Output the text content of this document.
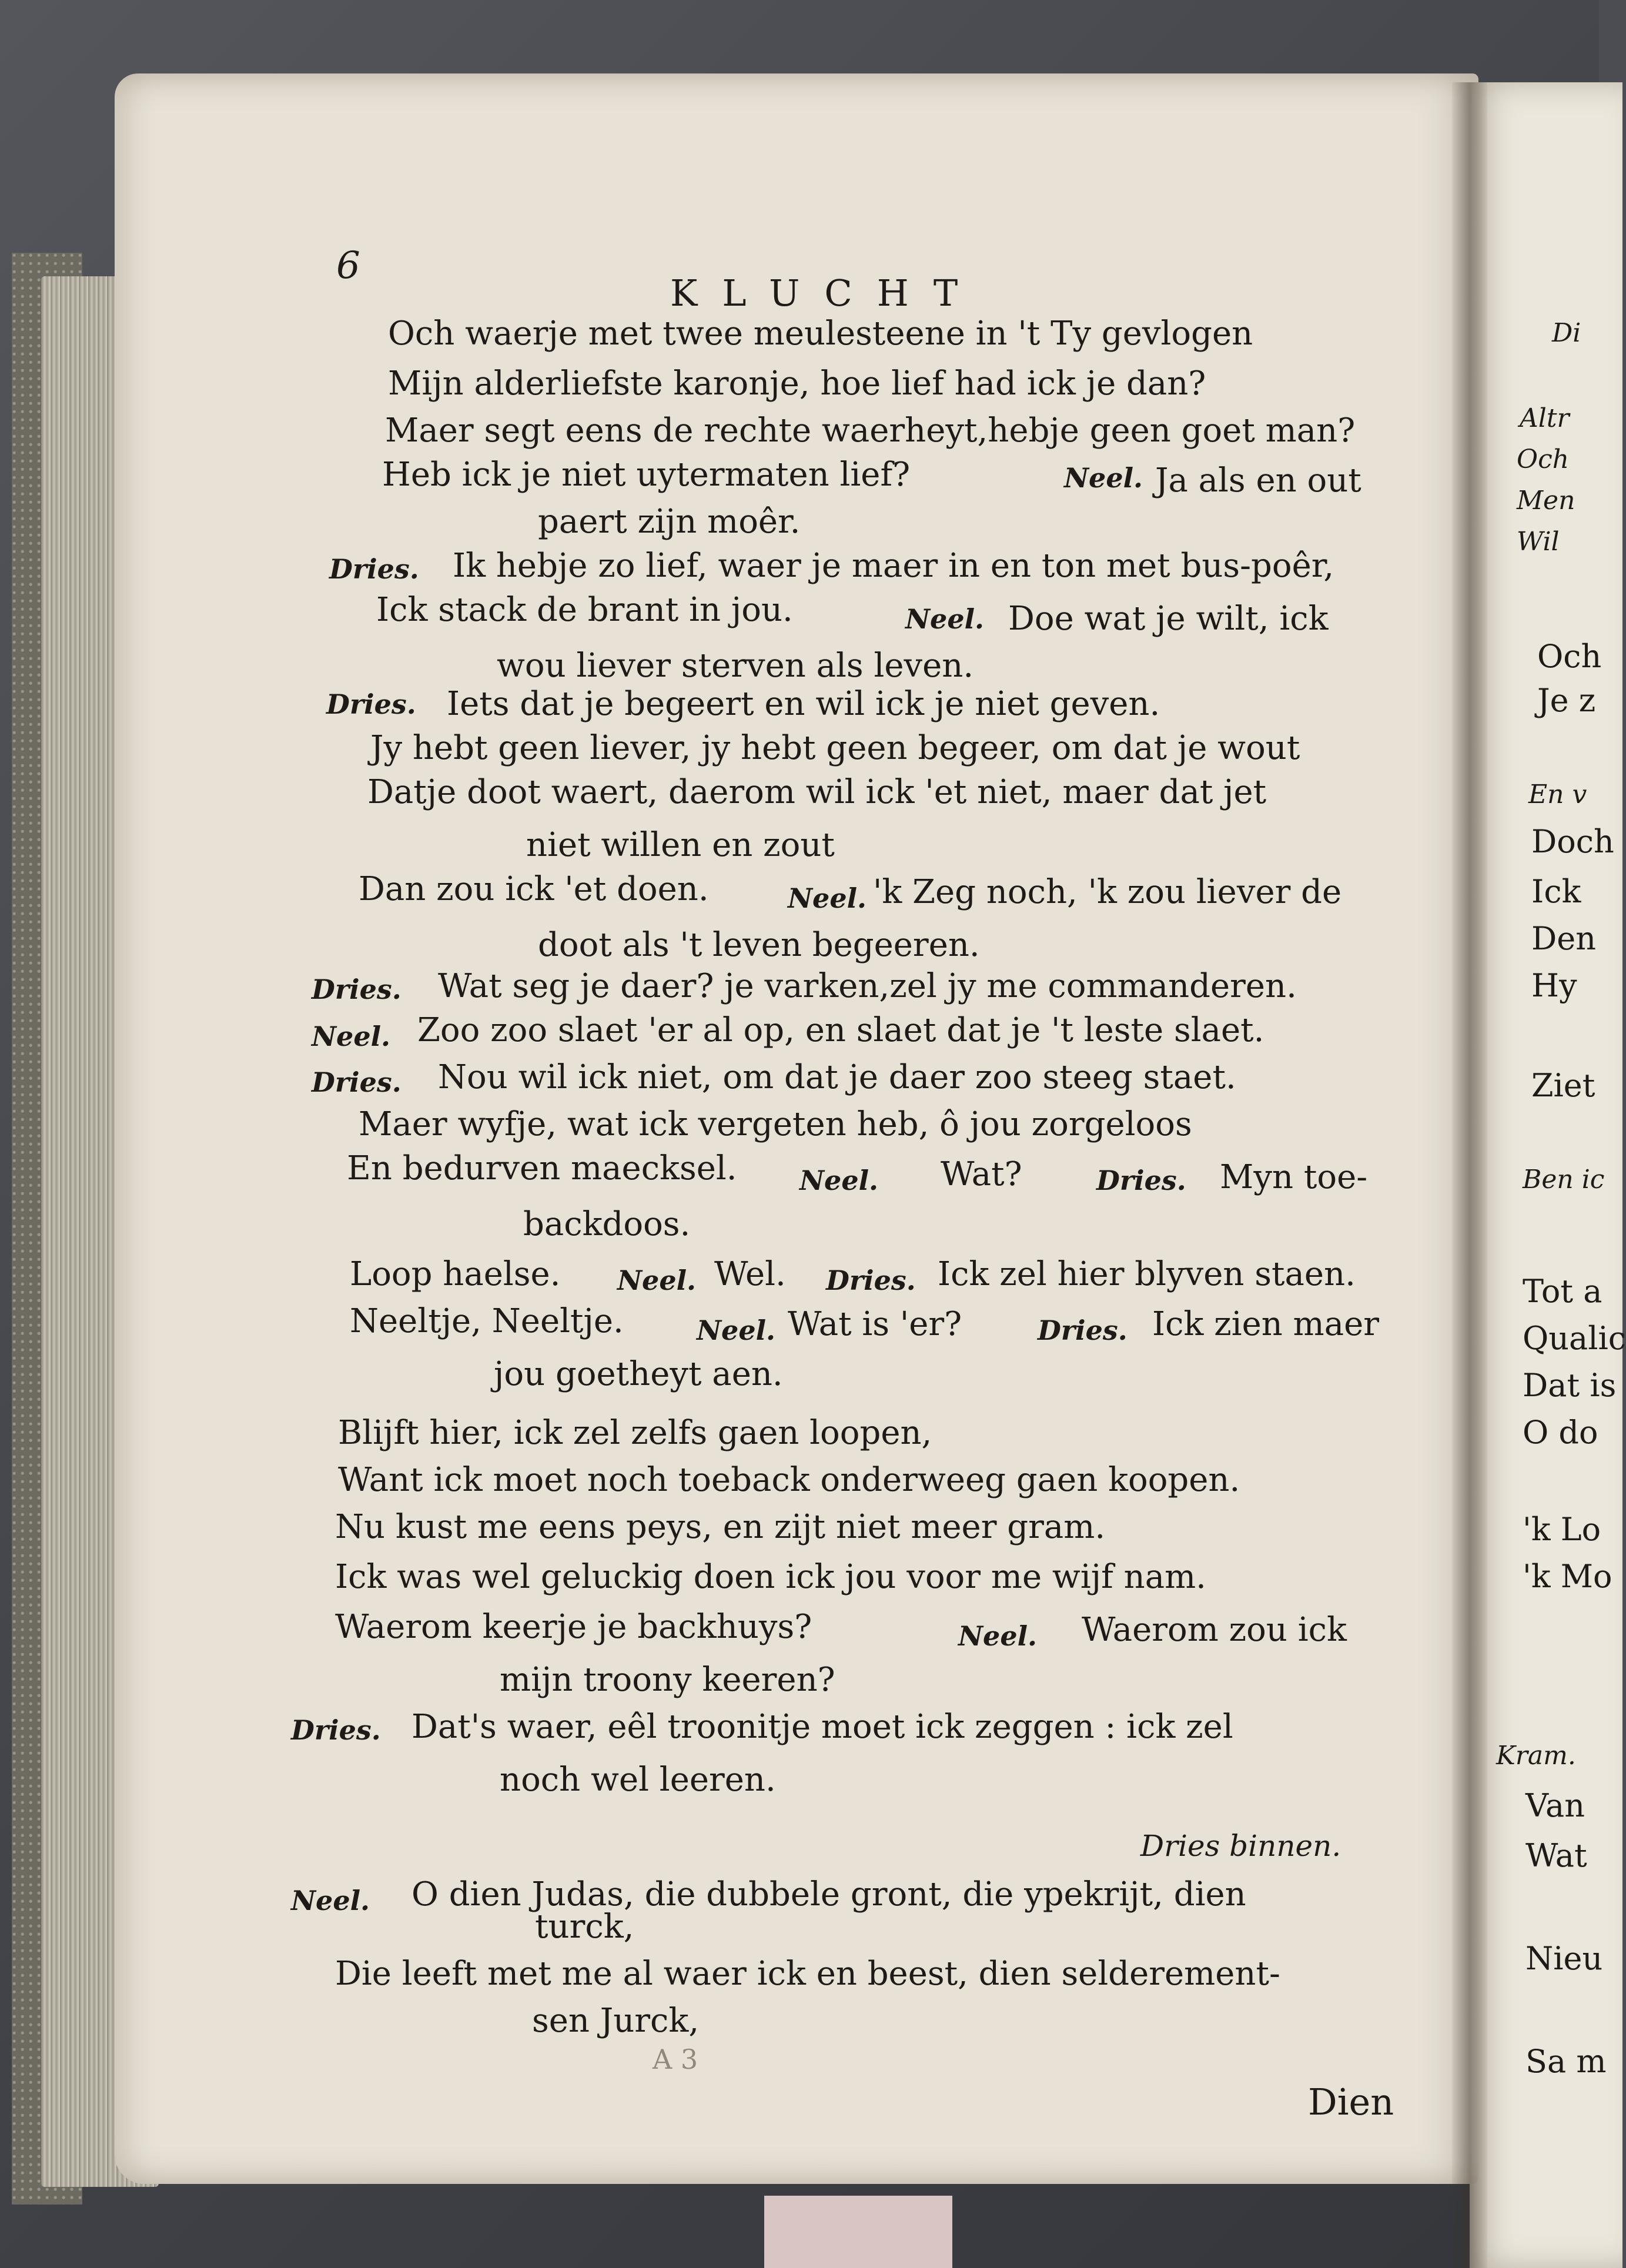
6
KLUCHT
Och waerje met twee meulesteene in 't Ty gevlogen
Mijn alderliefste karonje, hoe lief had ick je dan?
Maer segt eens de rechte waerheyt,hebje geen goet man?
Heb ick je niet uytermaten lief?	Neel. Ja als en out
paert zijn moêr.
Dries. Ik hebje zo lief, waer je maer in en ton met bus-poêr,
Ick stack de brant in jou.	Neel. Doe wat je wilt, ick
wou liever sterven als leven.
Dries. Iets dat je begeert en wil ick je niet geven.
Jy hebt geen liever, jy hebt geen begeer, om dat je wout
Datje doot waert, daerom wil ick 'et niet, maer dat jet
niet willen en zout
Dan zou ick 'et doen.	Neel. 'k Zeg noch, 'k zou liever de
doot als 't leven begeeren.
Dries. Wat seg je daer? je varken,zel jy me commanderen.
Neel. Zoo zoo slaet 'er al op, en slaet dat je 't leste slaet.
Dries. Nou wil ick niet, om dat je daer zoo steeg staet.
Maer wyfje, wat ick vergeten heb, ô jou zorgeloos
En bedurven maecksel. Neel. Wat?	Dries. Myn toe-
backdoos.
Loop haelse. Neel. Wel. Dries. Ick zel hier blyven staen.
Neeltje, Neeltje.	Neel. Wat is 'er?	Dries. Ick zien maer
jou goetheyt aen.
Blijft hier, ick zel zelfs gaen loopen,
Want ick moet noch toeback onderweeg gaen koopen.
Nu kust me eens peys, en zijt niet meer gram.
Ick was wel geluckig doen ick jou voor me wijf nam.
Waerom keerje je backhuys?	Neel. Waerom zou ick
mijn troony keeren?
Dries. Dat's waer, eêl troonitje moet ick zeggen : ick zel
noch wel leeren.
Dries binnen.
Neel. O dien Judas, die dubbele gront, die ypekrijt, dien
turck,
Die leeft met me al waer ick en beest, dien selderement-
sen Jurck,
A 3
Dien
Di
Altr
Och
Men
Wil
Och
Je z
En v
Doch
Ick
Den
Hy
Ziet
Ben ic
Tot a
Qualic
Dat is
O do
'k Lo
'k Mo
Kram.
Van
Wat
Nieu
Sa m
